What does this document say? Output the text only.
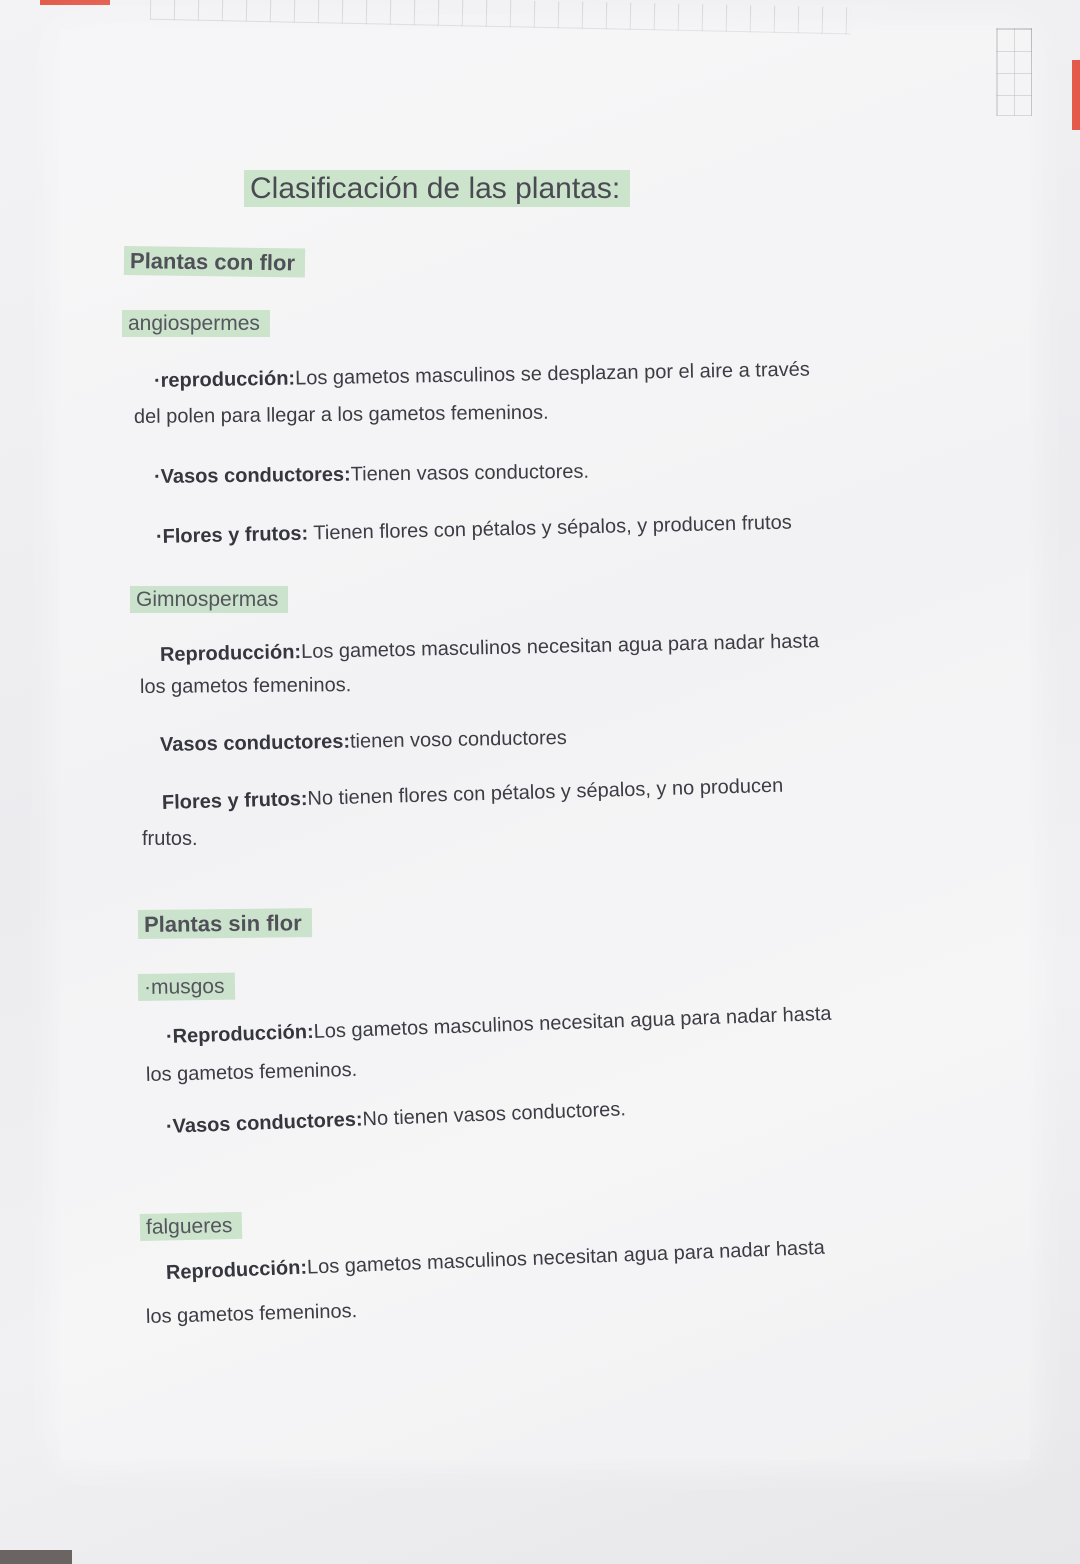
Clasificación de las plantas:
Plantas con flor
angiospermes
·reproducción:Los gametos masculinos se desplazan por el aire a través
del polen para llegar a los gametos femeninos.
·Vasos conductores:Tienen vasos conductores.
·Flores y frutos: Tienen flores con pétalos y sépalos, y producen frutos
Gimnospermas
Reproducción:Los gametos masculinos necesitan agua para nadar hasta
los gametos femeninos.
Vasos conductores:tienen voso conductores
Flores y frutos:No tienen flores con pétalos y sépalos, y no producen
frutos.
Plantas sin flor
·musgos
·Reproducción:Los gametos masculinos necesitan agua para nadar hasta
los gametos femeninos.
·Vasos conductores:No tienen vasos conductores.
falgueres
Reproducción:Los gametos masculinos necesitan agua para nadar hasta
los gametos femeninos.
